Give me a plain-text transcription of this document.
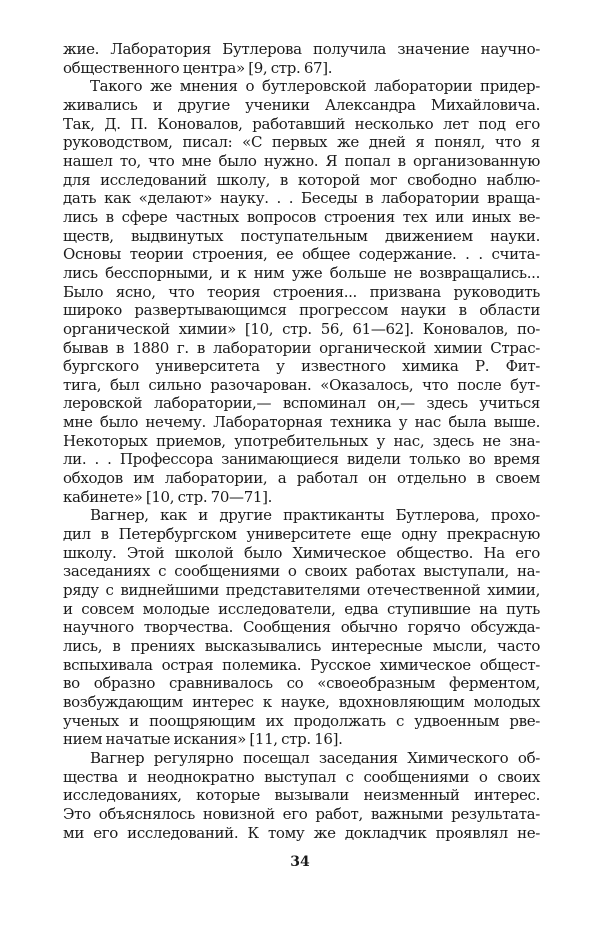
жие. Лаборатория Бутлерова получила значение научно-
общественного центра» [9, стр. 67].
Такого же мнения о бутлеровской лаборатории придер-
живались и другие ученики Александра Михайловича.
Так, Д. П. Коновалов, работавший несколько лет под его
руководством, писал: «С первых же дней я понял, что я
нашел то, что мне было нужно. Я попал в организованную
для исследований школу, в которой мог свободно наблю-
дать как «делают» науку. . . Беседы в лаборатории враща-
лись в сфере частных вопросов строения тех или иных ве-
ществ, выдвинутых поступательным движением науки.
Основы теории строения, ее общее содержание. . . счита-
лись бесспорными, и к ним уже больше не возвращались...
Было ясно, что теория строения... призвана руководить
широко развертывающимся прогрессом науки в области
органической химии» [10, стр. 56, 61—62]. Коновалов, по-
бывав в 1880 г. в лаборатории органической химии Страс-
бургского университета у известного химика Р. Фит-
тига, был сильно разочарован. «Оказалось, что после бут-
леровской лаборатории,— вспоминал он,— здесь учиться
мне было нечему. Лабораторная техника у нас была выше.
Некоторых приемов, употребительных у нас, здесь не зна-
ли. . . Профессора занимающиеся видели только во время
обходов им лаборатории, а работал он отдельно в своем
кабинете» [10, стр. 70—71].
Вагнер, как и другие практиканты Бутлерова, прохо-
дил в Петербургском университете еще одну прекрасную
школу. Этой школой было Химическое общество. На его
заседаниях с сообщениями о своих работах выступали, на-
ряду с виднейшими представителями отечественной химии,
и совсем молодые исследователи, едва ступившие на путь
научного творчества. Сообщения обычно горячо обсужда-
лись, в прениях высказывались интересные мысли, часто
вспыхивала острая полемика. Русское химическое общест-
во образно сравнивалось со «своеобразным ферментом,
возбуждающим интерес к науке, вдохновляющим молодых
ученых и поощряющим их продолжать с удвоенным рве-
нием начатые искания» [11, стр. 16].
Вагнер регулярно посещал заседания Химического об-
щества и неоднократно выступал с сообщениями о своих
исследованиях, которые вызывали неизменный интерес.
Это объяснялось новизной его работ, важными результата-
ми его исследований. К тому же докладчик проявлял не-
34
